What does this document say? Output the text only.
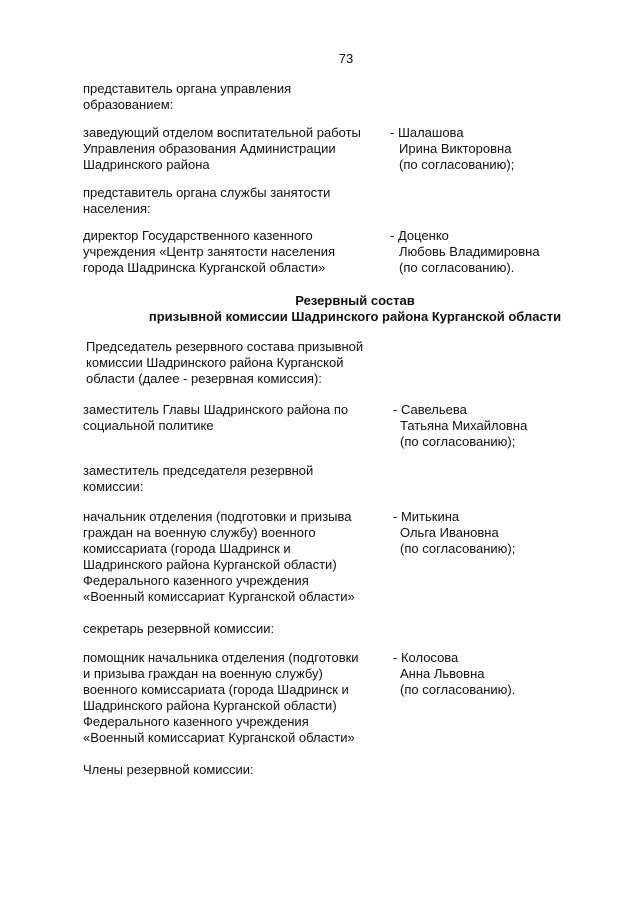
73
представитель органа управления
образованием:
заведующий отделом воспитательной работы
Управления образования Администрации
Шадринского района
- Шалашова
Ирина Викторовна
(по согласованию);
представитель органа службы занятости
населения:
директор Государственного казенного
учреждения «Центр занятости населения
города Шадринска Курганской области»
- Доценко
Любовь Владимировна
(по согласованию).
Резервный состав
призывной комиссии Шадринского района Курганской области
Председатель резервного состава призывной
комиссии Шадринского района Курганской
области (далее - резервная комиссия):
заместитель Главы Шадринского района по
социальной политике
- Савельева
Татьяна Михайловна
(по согласованию);
заместитель председателя резервной
комиссии:
начальник отделения (подготовки и призыва
граждан на военную службу) военного
комиссариата (города Шадринск и
Шадринского района Курганской области)
Федерального казенного учреждения
«Военный комиссариат Курганской области»
- Митькина
Ольга Ивановна
(по согласованию);
секретарь резервной комиссии:
помощник начальника отделения (подготовки
и призыва граждан на военную службу)
военного комиссариата (города Шадринск и
Шадринского района Курганской области)
Федерального казенного учреждения
«Военный комиссариат Курганской области»
- Колосова
Анна Львовна
(по согласованию).
Члены резервной комиссии:
